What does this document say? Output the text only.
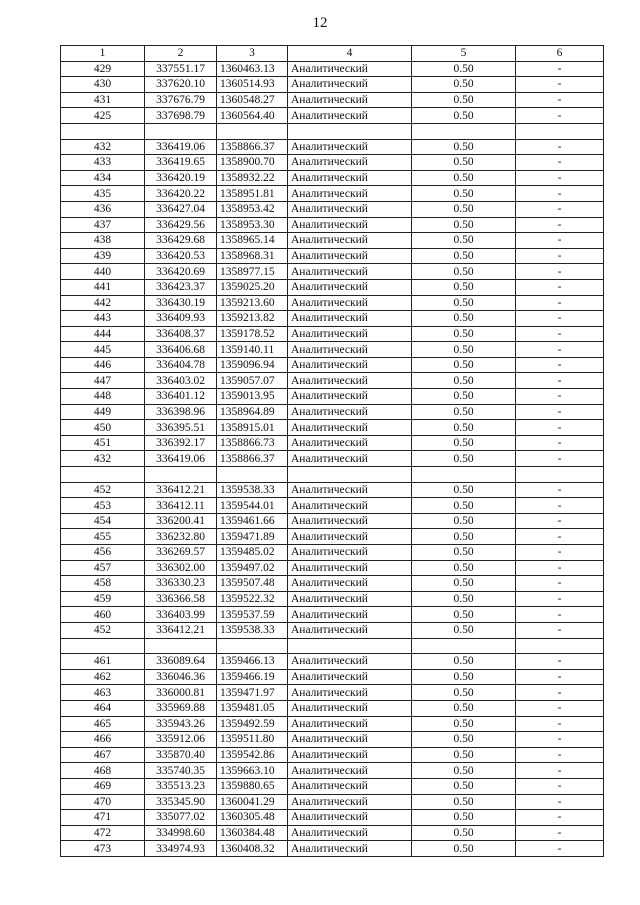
12
1	2	3	4	5	6
429	337551.17	1360463.13	Аналитический	0.50	-
430	337620.10	1360514.93	Аналитический	0.50	-
431	337676.79	1360548.27	Аналитический	0.50	-
425	337698.79	1360564.40	Аналитический	0.50	-

432	336419.06	1358866.37	Аналитический	0.50	-
433	336419.65	1358900.70	Аналитический	0.50	-
434	336420.19	1358932.22	Аналитический	0.50	-
435	336420.22	1358951.81	Аналитический	0.50	-
436	336427.04	1358953.42	Аналитический	0.50	-
437	336429.56	1358953.30	Аналитический	0.50	-
438	336429.68	1358965.14	Аналитический	0.50	-
439	336420.53	1358968.31	Аналитический	0.50	-
440	336420.69	1358977.15	Аналитический	0.50	-
441	336423.37	1359025.20	Аналитический	0.50	-
442	336430.19	1359213.60	Аналитический	0.50	-
443	336409.93	1359213.82	Аналитический	0.50	-
444	336408.37	1359178.52	Аналитический	0.50	-
445	336406.68	1359140.11	Аналитический	0.50	-
446	336404.78	1359096.94	Аналитический	0.50	-
447	336403.02	1359057.07	Аналитический	0.50	-
448	336401.12	1359013.95	Аналитический	0.50	-
449	336398.96	1358964.89	Аналитический	0.50	-
450	336395.51	1358915.01	Аналитический	0.50	-
451	336392.17	1358866.73	Аналитический	0.50	-
432	336419.06	1358866.37	Аналитический	0.50	-

452	336412.21	1359538.33	Аналитический	0.50	-
453	336412.11	1359544.01	Аналитический	0.50	-
454	336200.41	1359461.66	Аналитический	0.50	-
455	336232.80	1359471.89	Аналитический	0.50	-
456	336269.57	1359485.02	Аналитический	0.50	-
457	336302.00	1359497.02	Аналитический	0.50	-
458	336330.23	1359507.48	Аналитический	0.50	-
459	336366.58	1359522.32	Аналитический	0.50	-
460	336403.99	1359537.59	Аналитический	0.50	-
452	336412.21	1359538.33	Аналитический	0.50	-

461	336089.64	1359466.13	Аналитический	0.50	-
462	336046.36	1359466.19	Аналитический	0.50	-
463	336000.81	1359471.97	Аналитический	0.50	-
464	335969.88	1359481.05	Аналитический	0.50	-
465	335943.26	1359492.59	Аналитический	0.50	-
466	335912.06	1359511.80	Аналитический	0.50	-
467	335870.40	1359542.86	Аналитический	0.50	-
468	335740.35	1359663.10	Аналитический	0.50	-
469	335513.23	1359880.65	Аналитический	0.50	-
470	335345.90	1360041.29	Аналитический	0.50	-
471	335077.02	1360305.48	Аналитический	0.50	-
472	334998.60	1360384.48	Аналитический	0.50	-
473	334974.93	1360408.32	Аналитический	0.50	-
